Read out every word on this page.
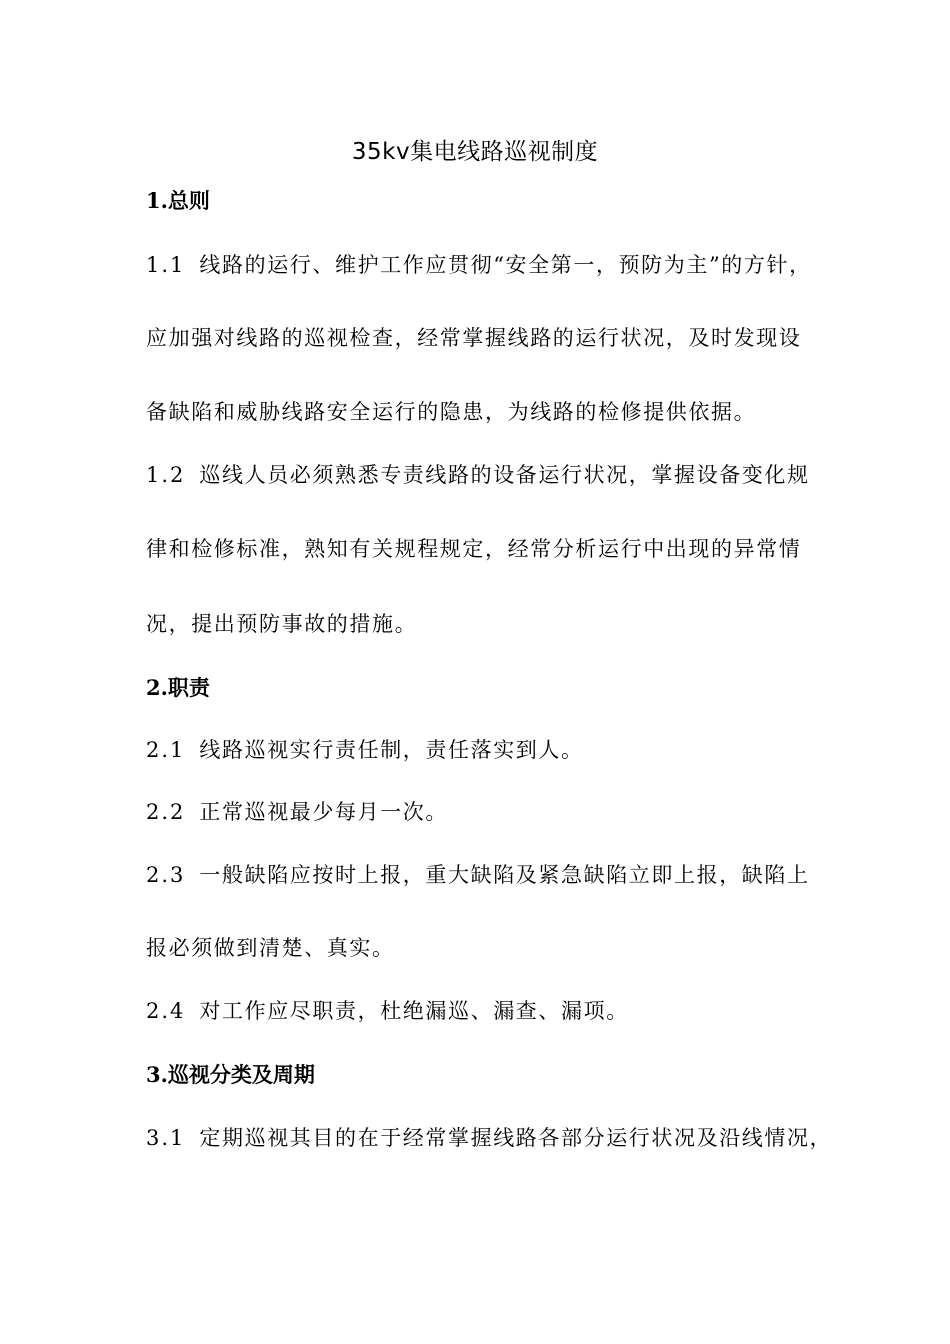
35kv集电线路巡视制度
1.总则
1.1 线路的运行、维护工作应贯彻“安全第一，预防为主”的方针，
应加强对线路的巡视检查，经常掌握线路的运行状况，及时发现设
备缺陷和威胁线路安全运行的隐患，为线路的检修提供依据。
1.2 巡线人员必须熟悉专责线路的设备运行状况，掌握设备变化规
律和检修标准，熟知有关规程规定，经常分析运行中出现的异常情
况，提出预防事故的措施。
2.职责
2.1 线路巡视实行责任制，责任落实到人。
2.2 正常巡视最少每月一次。
2.3 一般缺陷应按时上报，重大缺陷及紧急缺陷立即上报，缺陷上
报必须做到清楚、真实。
2.4 对工作应尽职责，杜绝漏巡、漏查、漏项。
3.巡视分类及周期
3.1 定期巡视其目的在于经常掌握线路各部分运行状况及沿线情况，
